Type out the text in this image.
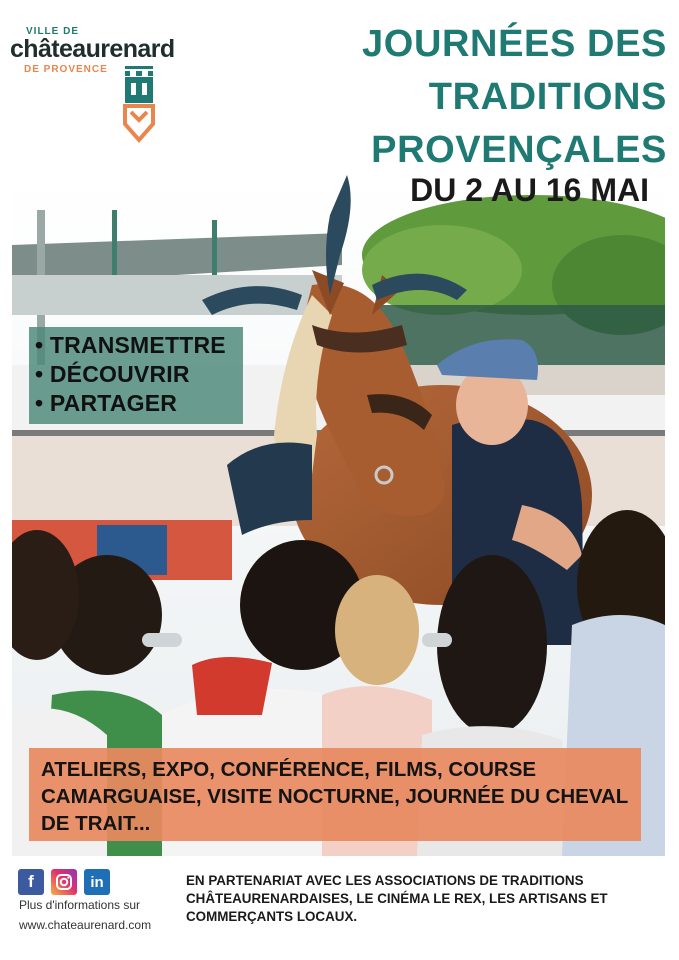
VILLE DE
châteaurenard
DE PROVENCE
JOURNÉES DES
TRADITIONS
PROVENÇALES
DU 2 AU 16 MAI
• TRANSMETTRE
• DÉCOUVRIR
• PARTAGER

ATELIERS, EXPO, CONFÉRENCE, FILMS, COURSE CAMARGUAISE, VISITE NOCTURNE, JOURNÉE DU CHEVAL DE TRAIT...

f	in
Plus d'informations sur
www.chateaurenard.com
EN PARTENARIAT AVEC LES ASSOCIATIONS DE TRADITIONS CHÂTEAURENARDAISES, LE CINÉMA LE REX, LES ARTISANS ET COMMERÇANTS LOCAUX.
